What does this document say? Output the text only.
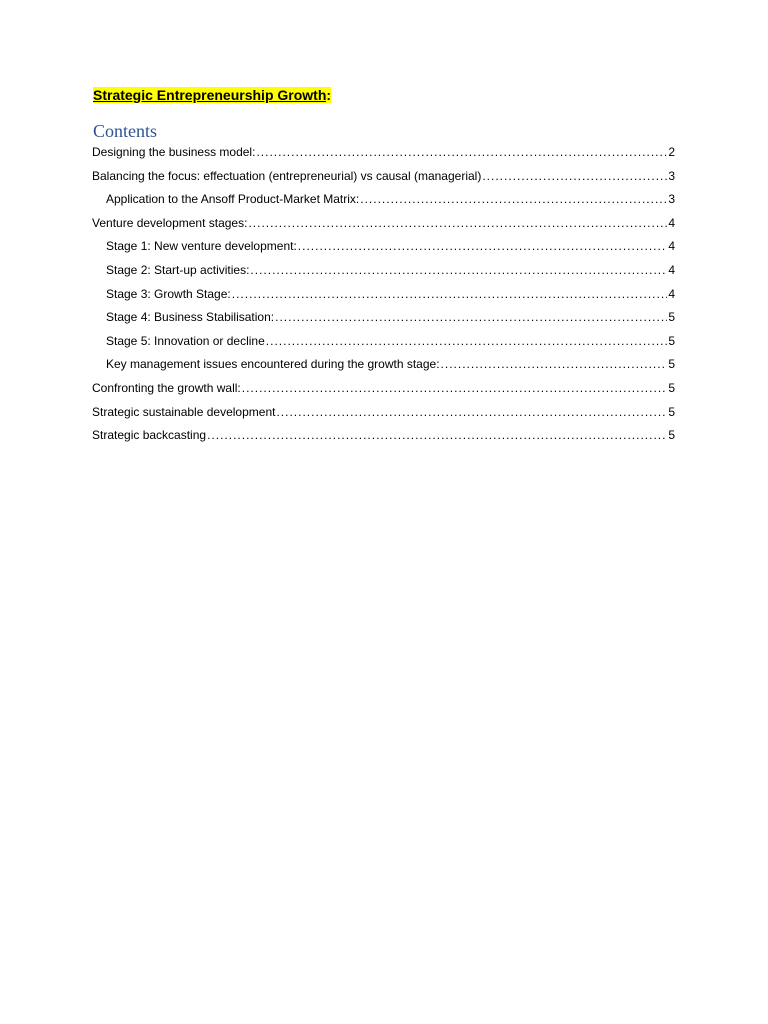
Strategic Entrepreneurship Growth:
Contents
Designing the business model: .....	2
Balancing the focus: effectuation (entrepreneurial) vs causal (managerial) .....	3
Application to the Ansoff Product-Market Matrix: .....	3
Venture development stages: .....	4
Stage 1: New venture development: .....	4
Stage 2: Start-up activities: .....	4
Stage 3: Growth Stage: .....	4
Stage 4: Business Stabilisation: .....	5
Stage 5: Innovation or decline .....	5
Key management issues encountered during the growth stage: .....	5
Confronting the growth wall: .....	5
Strategic sustainable development .....	5
Strategic backcasting .....	5
